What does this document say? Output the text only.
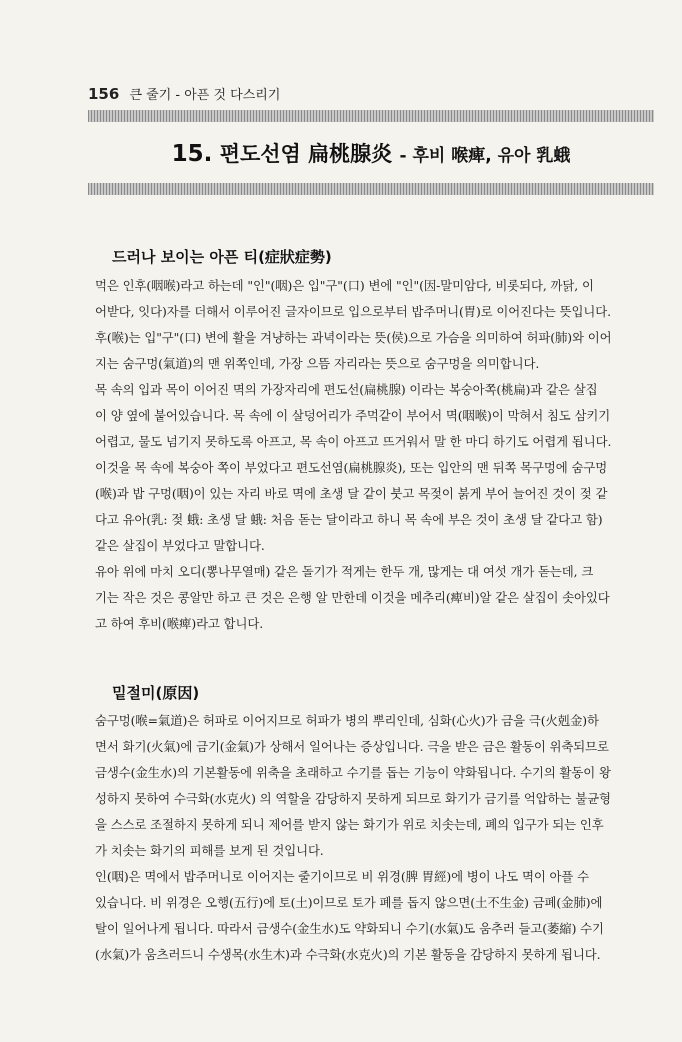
156 큰 줄기 - 아픈 것 다스리기
15. 편도선염 扁桃腺炎 - 후비 喉痺, 유아 乳蛾
드러나 보이는 아픈 티(症狀症勢)

먹은 인후(咽喉)라고 하는데 "인"(咽)은 입"구"(口) 변에 "인"(因-말미암다, 비롯되다, 까닭, 이

어받다, 잇다)자를 더해서 이루어진 글자이므로 입으로부터 밥주머니(胃)로 이어진다는 뜻입니다.

후(喉)는 입"구"(口) 변에 활을 겨냥하는 과녁이라는 뜻(侯)으로 가슴을 의미하여 허파(肺)와 이어

지는 숨구멍(氣道)의 맨 위쪽인데, 가장 으뜸 자리라는 뜻으로 숨구멍을 의미합니다.

목 속의 입과 목이 이어진 멱의 가장자리에 편도선(扁桃腺) 이라는 복숭아쪽(桃扁)과 같은 살집

이 양 옆에 붙어있습니다. 목 속에 이 살덩어리가 주먹같이 부어서 멱(咽喉)이 막혀서 침도 삼키기

어렵고, 물도 넘기지 못하도록 아프고, 목 속이 아프고 뜨거워서 말 한 마디 하기도 어렵게 됩니다.

이것을 목 속에 복숭아 쪽이 부었다고 편도선염(扁桃腺炎), 또는 입안의 맨 뒤쪽 목구멍에 숨구멍

(喉)과 밥 구멍(咽)이 있는 자리 바로 멱에 초생 달 같이 붓고 목젖이 붉게 부어 늘어진 것이 젖 같

다고 유아(乳: 젖 蛾: 초생 달 蛾: 처음 돋는 달이라고 하니 목 속에 부은 것이 초생 달 같다고 함)

같은 살집이 부었다고 말합니다.

유아 위에 마치 오디(뽕나무열매) 같은 돌기가 적게는 한두 개, 많게는 대 여섯 개가 돋는데, 크

기는 작은 것은 콩알만 하고 큰 것은 은행 알 만한데 이것을 메추리(痺비)알 같은 살집이 솟아있다

고 하여 후비(喉痺)라고 합니다.

밑절미(原因)

숨구멍(喉=氣道)은 허파로 이어지므로 허파가 병의 뿌리인데, 심화(心火)가 금을 극(火剋金)하

면서 화기(火氣)에 금기(金氣)가 상해서 일어나는 증상입니다. 극을 받은 금은 활동이 위축되므로

금생수(金生水)의 기본활동에 위축을 초래하고 수기를 돕는 기능이 약화됩니다. 수기의 활동이 왕

성하지 못하여 수극화(水克火) 의 역할을 감당하지 못하게 되므로 화기가 금기를 억압하는 불균형

을 스스로 조절하지 못하게 되니 제어를 받지 않는 화기가 위로 치솟는데, 폐의 입구가 되는 인후

가 치솟는 화기의 피해를 보게 된 것입니다.

인(咽)은 멱에서 밥주머니로 이어지는 줄기이므로 비 위경(脾 胃經)에 병이 나도 멱이 아플 수

있습니다. 비 위경은 오행(五行)에 토(土)이므로 토가 폐를 돕지 않으면(土不生金) 금폐(金肺)에

탈이 일어나게 됩니다. 따라서 금생수(金生水)도 약화되니 수기(水氣)도 움추러 들고(萎縮) 수기

(水氣)가 움츠러드니 수생목(水生木)과 수극화(水克火)의 기본 활동을 감당하지 못하게 됩니다.
